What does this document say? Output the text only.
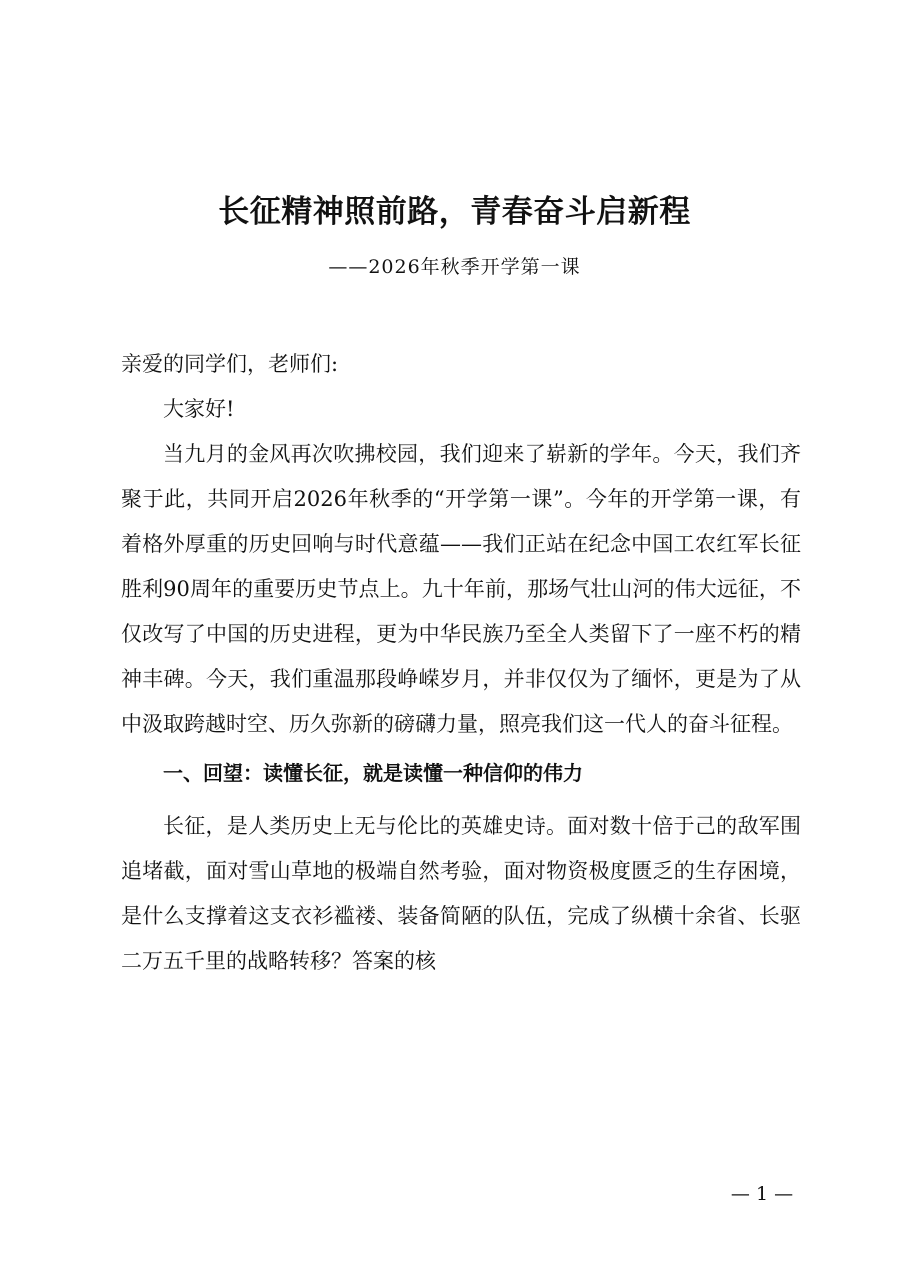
长征精神照前路，青春奋斗启新程
——2026年秋季开学第一课

亲爱的同学们，老师们:

大家好!

当九月的金风再次吹拂校园，我们迎来了崭新的学年。今天，我们齐聚于此，共同开启2026年秋季的“开学第一课”。今年的开学第一课，有着格外厚重的历史回响与时代意蕴——我们正站在纪念中国工农红军长征胜利90周年的重要历史节点上。九十年前，那场气壮山河的伟大远征，不仅改写了中国的历史进程，更为中华民族乃至全人类留下了一座不朽的精神丰碑。今天，我们重温那段峥嵘岁月，并非仅仅为了缅怀，更是为了从中汲取跨越时空、历久弥新的磅礴力量，照亮我们这一代人的奋斗征程。

一、回望：读懂长征，就是读懂一种信仰的伟力

长征，是人类历史上无与伦比的英雄史诗。面对数十倍于己的敌军围追堵截，面对雪山草地的极端自然考验，面对物资极度匮乏的生存困境，是什么支撑着这支衣衫褴褛、装备简陋的队伍，完成了纵横十余省、长驱二万五千里的战略转移？答案的核

— 1 —
